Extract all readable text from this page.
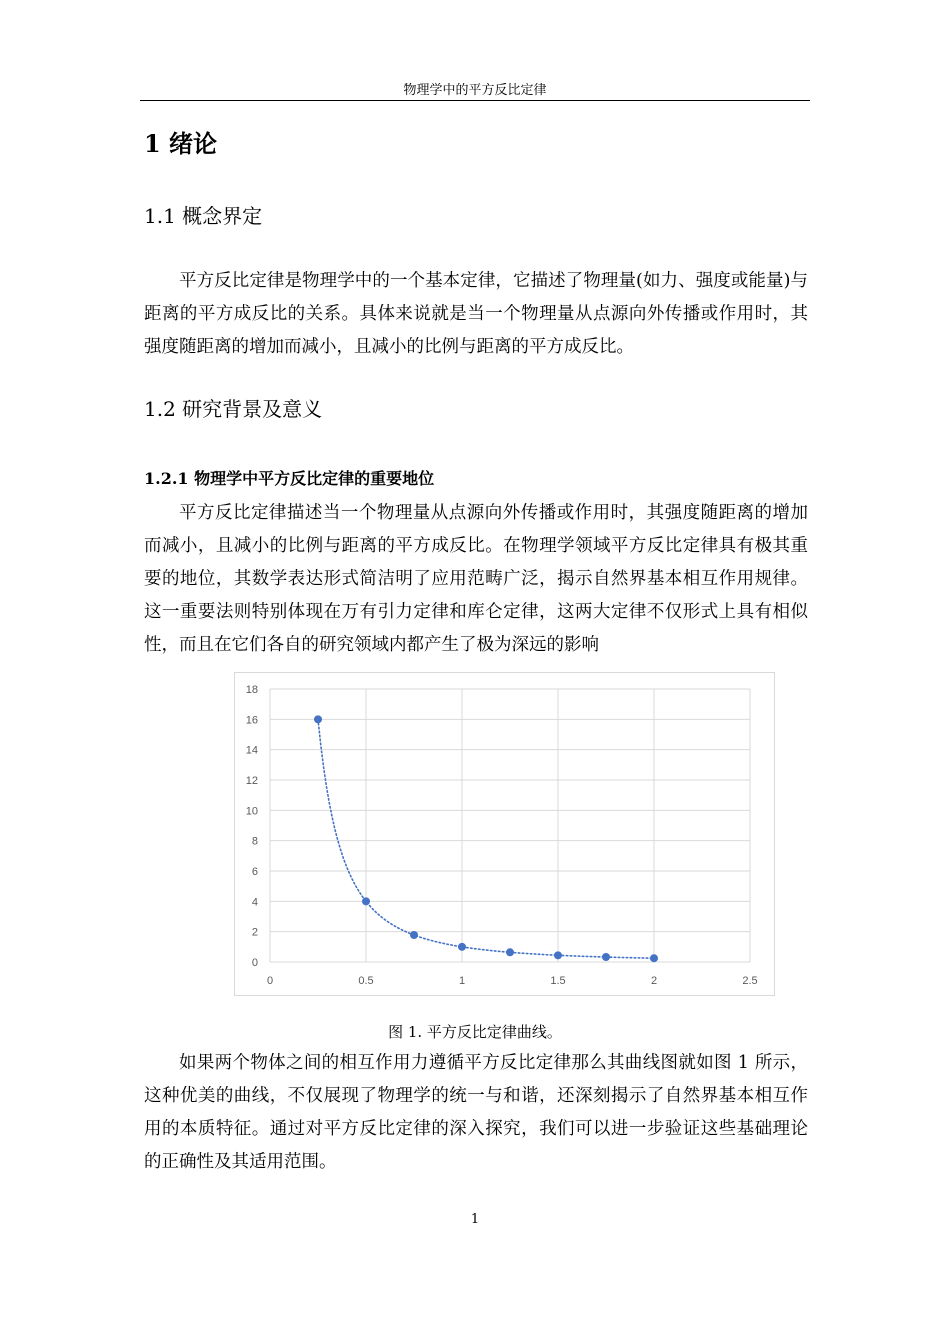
物理学中的平方反比定律
1 绪论
1.1 概念界定
平方反比定律是物理学中的一个基本定律，它描述了物理量(如力、强度或能量)与距离的平方成反比的关系。具体来说就是当一个物理量从点源向外传播或作用时，其强度随距离的增加而减小，且减小的比例与距离的平方成反比。
1.2 研究背景及意义
1.2.1 物理学中平方反比定律的重要地位
平方反比定律描述当一个物理量从点源向外传播或作用时，其强度随距离的增加而减小，且减小的比例与距离的平方成反比。在物理学领域平方反比定律具有极其重要的地位，其数学表达形式简洁明了应用范畴广泛，揭示自然界基本相互作用规律。这一重要法则特别体现在万有引力定律和库仑定律，这两大定律不仅形式上具有相似性，而且在它们各自的研究领域内都产生了极为深远的影响
0
2
4
6
8
10
12
14
16
18
0	0.5	1	1.5	2	2.5
图 1. 平方反比定律曲线。
如果两个物体之间的相互作用力遵循平方反比定律那么其曲线图就如图 1 所示，这种优美的曲线，不仅展现了物理学的统一与和谐，还深刻揭示了自然界基本相互作用的本质特征。通过对平方反比定律的深入探究，我们可以进一步验证这些基础理论的正确性及其适用范围。
1
